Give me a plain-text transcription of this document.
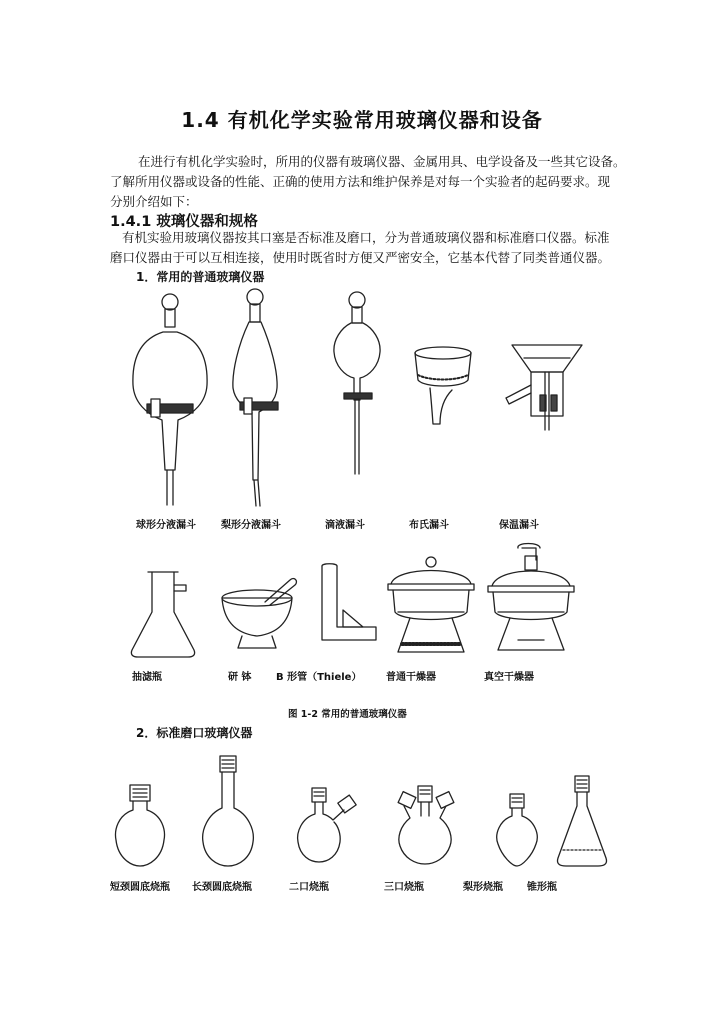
1.4 有机化学实验常用玻璃仪器和设备
在进行有机化学实验时，所用的仪器有玻璃仪器、金属用具、电学设备及一些其它设备。
了解所用仪器或设备的性能、正确的使用方法和维护保养是对每一个实验者的起码要求。现
分别介绍如下：
1.4.1 玻璃仪器和规格
有机实验用玻璃仪器按其口塞是否标准及磨口，分为普通玻璃仪器和标准磨口仪器。标准
磨口仪器由于可以互相连接，使用时既省时方便又严密安全，它基本代替了同类普通仪器。
1．常用的普通玻璃仪器
球形分液漏斗	梨形分液漏斗	滴液漏斗	布氏漏斗	保温漏斗
抽滤瓶	研 钵 B 形管（Thiele） 普通干燥器	真空干燥器
图 1-2 常用的普通玻璃仪器
2．标准磨口玻璃仪器
短颈圆底烧瓶 长颈圆底烧瓶	二口烧瓶	三口烧瓶	梨形烧瓶 锥形瓶
